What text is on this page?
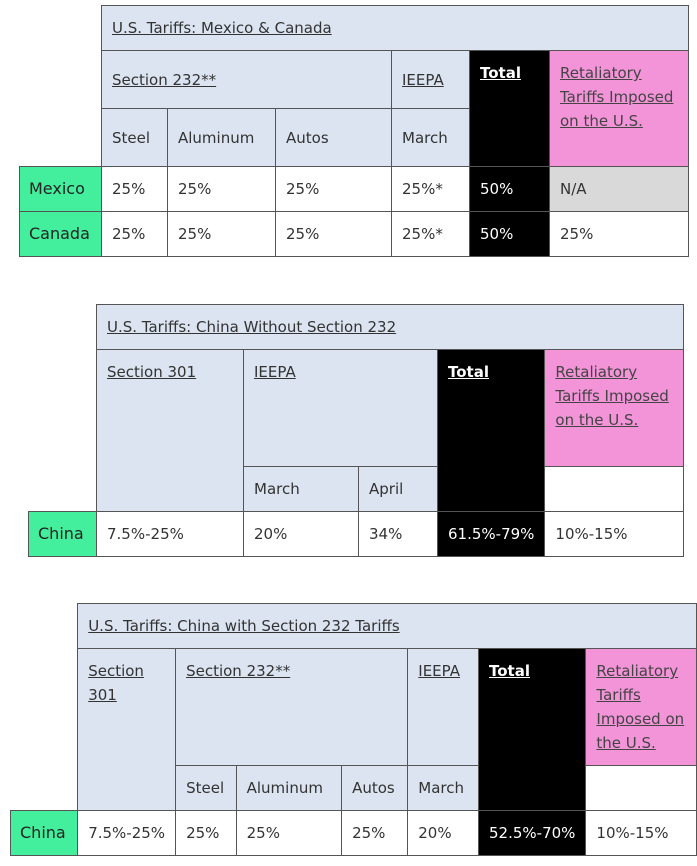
	U.S. Tariffs: Mexico & Canada					
	Section 232**			IEEPA	Total	Retaliatory Tariffs Imposed on the U.S.
	Steel	Aluminum	Autos	March		
Mexico	25%	25%	25%	25%*	50%	N/A
Canada	25%	25%	25%	25%*	50%	25%
	U.S. Tariffs: China Without Section 232				
	Section 301	IEEPA		Total	Retaliatory Tariffs Imposed on the U.S.
		March	April		
China	7.5%-25%	20%	34%	61.5%-79%	10%-15%
	U.S. Tariffs: China with Section 232 Tariffs						
	Section 301	Section 232**			IEEPA	Total	Retaliatory Tariffs Imposed on the U.S.
		Steel	Aluminum	Autos	March		
China	7.5%-25%	25%	25%	25%	20%	52.5%-70%	10%-15%
